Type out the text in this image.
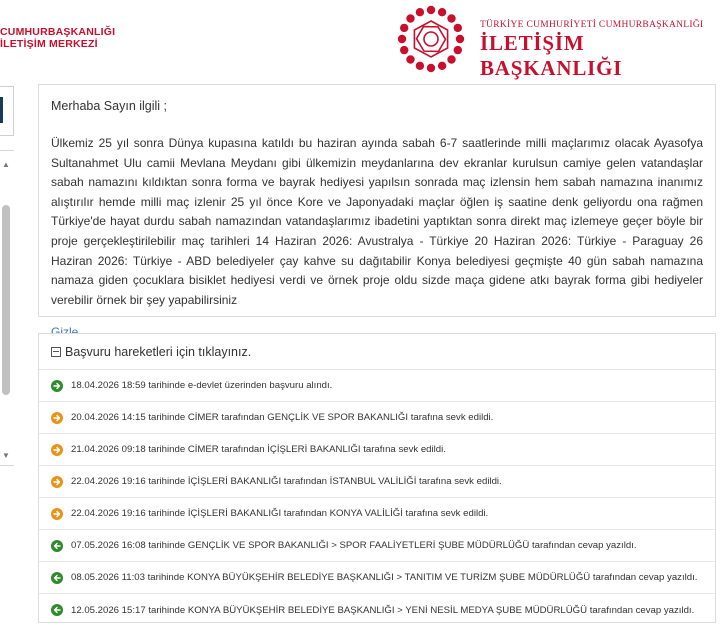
CUMHURBAŞKANLIĞI
İLETİŞİM MERKEZİ
TÜRKİYE CUMHURİYETİ CUMHURBAŞKANLIĞI
İLETİŞİM BAŞKANLIĞI
▲
▼

Merhaba Sayın ilgili ;

Ülkemiz 25 yıl sonra Dünya kupasına katıldı bu haziran ayında sabah 6-7 saatlerinde milli maçlarımız olacak Ayasofya Sultanahmet Ulu camii Mevlana Meydanı gibi ülkemizin meydanlarına dev ekranlar kurulsun camiye gelen vatandaşlar sabah namazını kıldıktan sonra forma ve bayrak hediyesi yapılsın sonrada maç izlensin hem sabah namazına inanımız alıştırılır hemde milli maç izlenir 25 yıl önce Kore ve Japonyadaki maçlar öğlen iş saatine denk geliyordu ona rağmen Türkiye'de hayat durdu sabah namazından vatandaşlarımız ibadetini yaptıktan sonra direkt maç izlemeye geçer böyle bir proje gerçekleştirilebilir maç tarihleri 14 Haziran 2026: Avustralya - Türkiye 20 Haziran 2026: Türkiye - Paraguay 26 Haziran 2026: Türkiye - ABD belediyeler çay kahve su dağıtabilir Konya belediyesi geçmişte 40 gün sabah namazına namaza giden çocuklara bisiklet hediyesi verdi ve örnek proje oldu sizde maça gidene atkı bayrak forma gibi hediyeler verebilir örnek bir şey yapabilirsiniz

Başvuru hareketleri için tıklayınız.
18.04.2026 18:59 tarihinde e-devlet üzerinden başvuru alındı.
20.04.2026 14:15 tarihinde CİMER tarafından GENÇLİK VE SPOR BAKANLIĞI tarafına sevk edildi.
21.04.2026 09:18 tarihinde CİMER tarafından İÇİŞLERİ BAKANLIĞI tarafına sevk edildi.
22.04.2026 19:16 tarihinde İÇİŞLERİ BAKANLIĞI tarafından İSTANBUL VALİLİĞİ tarafına sevk edildi.
22.04.2026 19:16 tarihinde İÇİŞLERİ BAKANLIĞI tarafından KONYA VALİLİĞİ tarafına sevk edildi.
07.05.2026 16:08 tarihinde GENÇLİK VE SPOR BAKANLIĞI > SPOR FAALİYETLERİ ŞUBE MÜDÜRLÜĞÜ tarafından cevap yazıldı.
08.05.2026 11:03 tarihinde KONYA BÜYÜKŞEHİR BELEDİYE BAŞKANLIĞI > TANITIM VE TURİZM ŞUBE MÜDÜRLÜĞÜ tarafından cevap yazıldı.
12.05.2026 15:17 tarihinde KONYA BÜYÜKŞEHİR BELEDİYE BAŞKANLIĞI > YENİ NESİL MEDYA ŞUBE MÜDÜRLÜĞÜ tarafından cevap yazıldı.
